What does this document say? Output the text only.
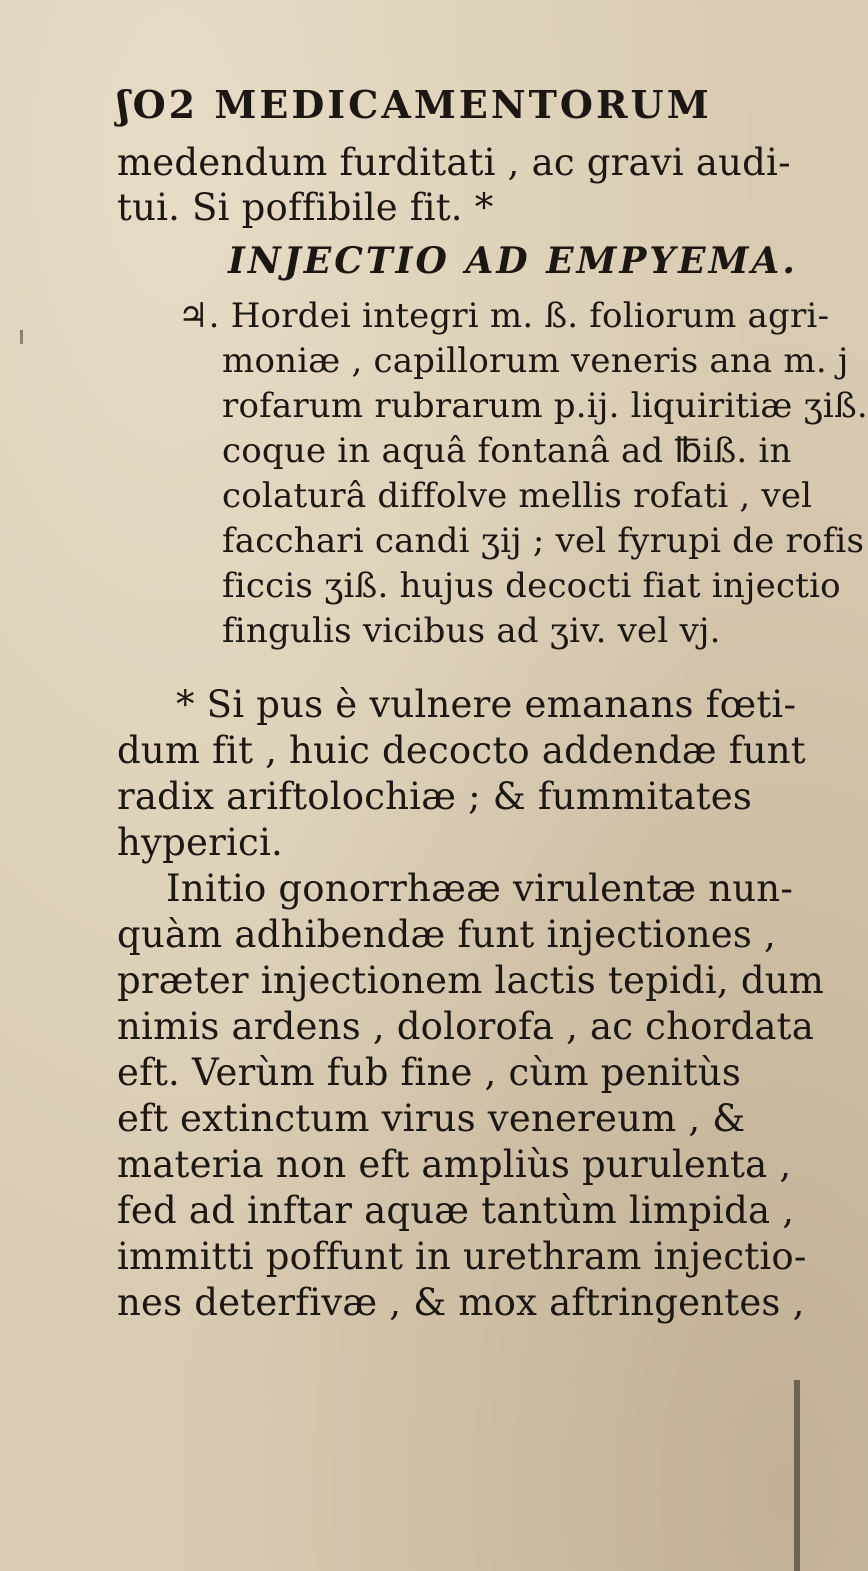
ʃO2 MEDICAMENTORUM
medendum furditati , ac gravi audi-
tui. Si poffibile fit. *
INJECTIO AD EMPYEMA.
♃. Hordei integri m. ß. foliorum agri-
moniæ , capillorum veneris ana m. j
rofarum rubrarum p.ij. liquiritiæ ʒiß.
coque in aquâ fontanâ ad ℔iß. in
colaturâ diffolve mellis rofati , vel
facchari candi ʒij ; vel fyrupi de rofis
ficcis ʒiß. hujus decocti fiat injectio
fingulis vicibus ad ʒiv. vel vj.
* Si pus è vulnere emanans fœti-
dum fit , huic decocto addendæ funt
radix ariftolochiæ ; & fummitates
hyperici.
Initio gonorrhææ virulentæ nun-
quàm adhibendæ funt injectiones ,
præter injectionem lactis tepidi, dum
nimis ardens , dolorofa , ac chordata
eft. Verùm fub fine , cùm penitùs
eft extinctum virus venereum , &
materia non eft ampliùs purulenta ,
fed ad inftar aquæ tantùm limpida ,
immitti poffunt in urethram injectio-
nes deterfivæ , & mox aftringentes ,
